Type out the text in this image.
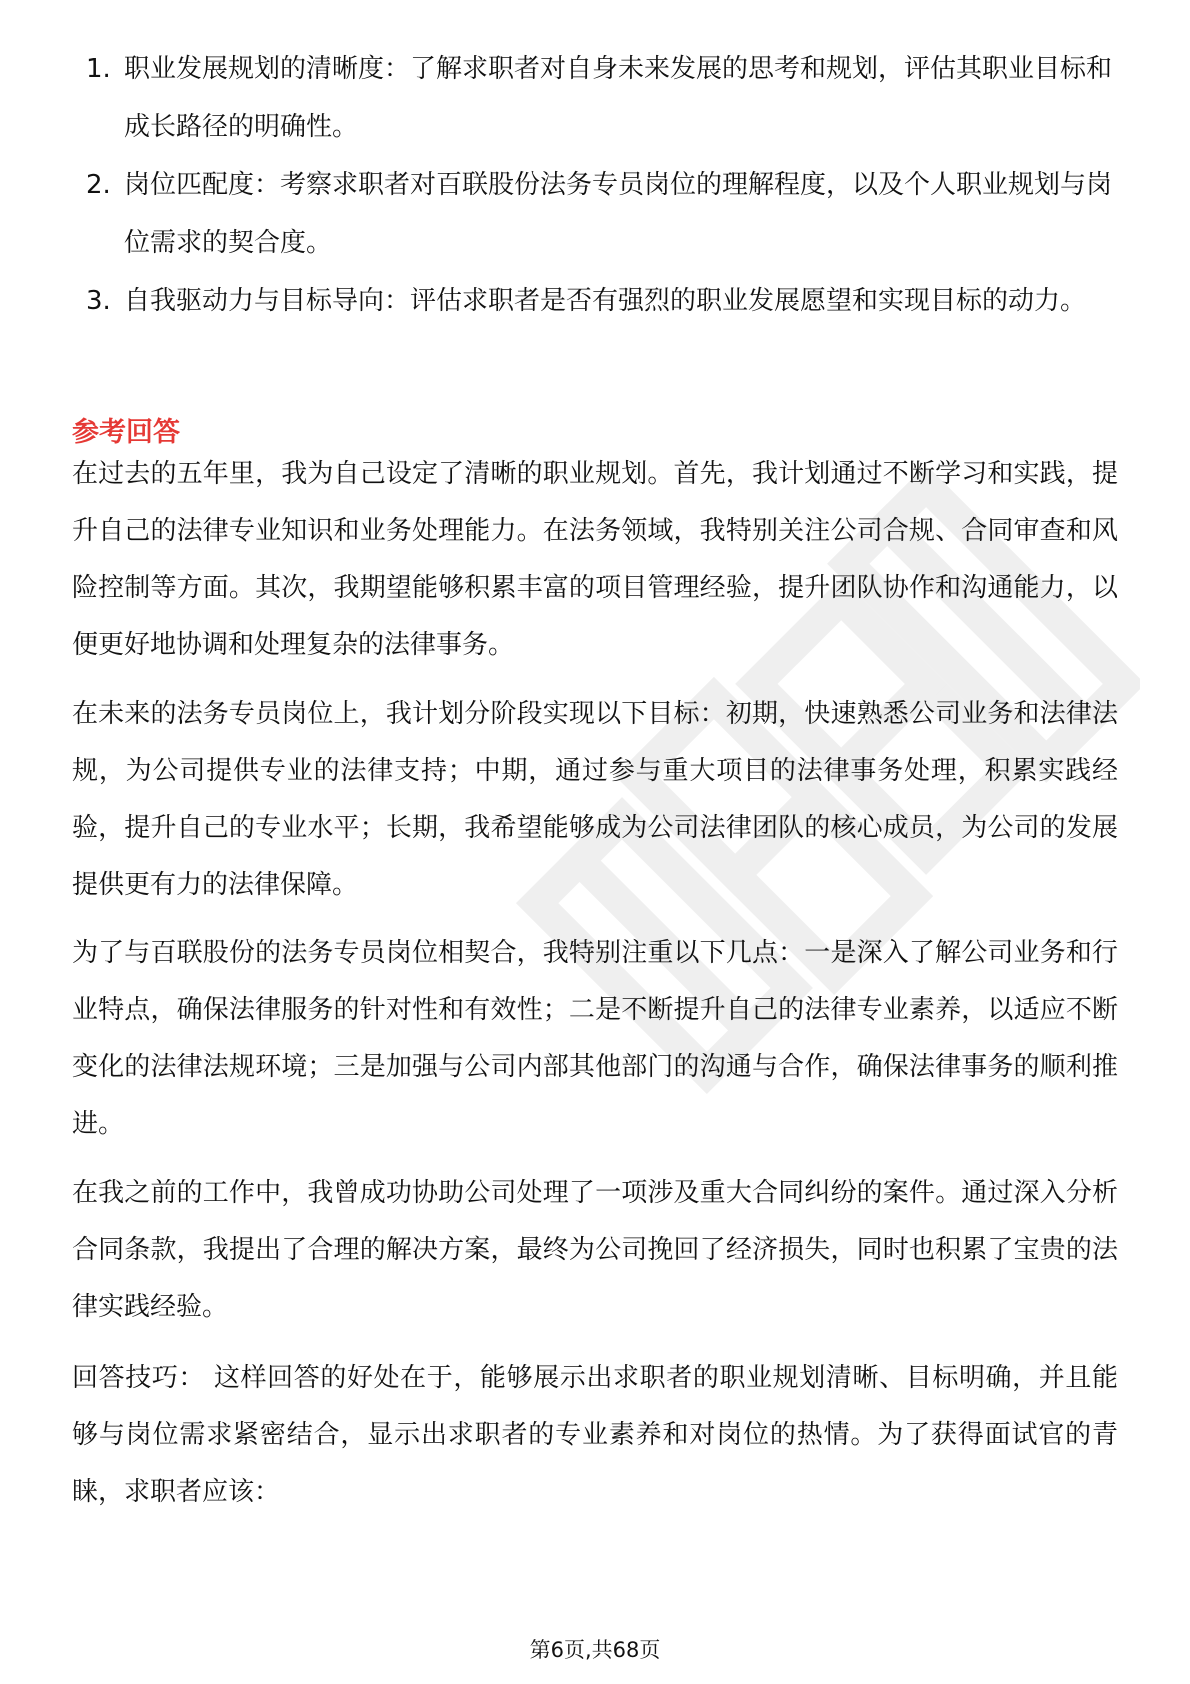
1. 职业发展规划的清晰度：了解求职者对自身未来发展的思考和规划，评估其职业目标和成长路径的明确性。
2. 岗位匹配度：考察求职者对百联股份法务专员岗位的理解程度，以及个人职业规划与岗位需求的契合度。
3. 自我驱动力与目标导向：评估求职者是否有强烈的职业发展愿望和实现目标的动力。
参考回答

在过去的五年里，我为自己设定了清晰的职业规划。首先，我计划通过不断学习和实践，提升自己的法律专业知识和业务处理能力。在法务领域，我特别关注公司合规、合同审查和风险控制等方面。其次，我期望能够积累丰富的项目管理经验，提升团队协作和沟通能力，以便更好地协调和处理复杂的法律事务。

在未来的法务专员岗位上，我计划分阶段实现以下目标：初期，快速熟悉公司业务和法律法规，为公司提供专业的法律支持；中期，通过参与重大项目的法律事务处理，积累实践经验，提升自己的专业水平；长期，我希望能够成为公司法律团队的核心成员，为公司的发展提供更有力的法律保障。

为了与百联股份的法务专员岗位相契合，我特别注重以下几点：一是深入了解公司业务和行业特点，确保法律服务的针对性和有效性；二是不断提升自己的法律专业素养，以适应不断变化的法律法规环境；三是加强与公司内部其他部门的沟通与合作，确保法律事务的顺利推进。

在我之前的工作中，我曾成功协助公司处理了一项涉及重大合同纠纷的案件。通过深入分析合同条款，我提出了合理的解决方案，最终为公司挽回了经济损失，同时也积累了宝贵的法律实践经验。

回答技巧： 这样回答的好处在于，能够展示出求职者的职业规划清晰、目标明确，并且能够与岗位需求紧密结合，显示出求职者的专业素养和对岗位的热情。为了获得面试官的青睐，求职者应该：

第6页,共68页
